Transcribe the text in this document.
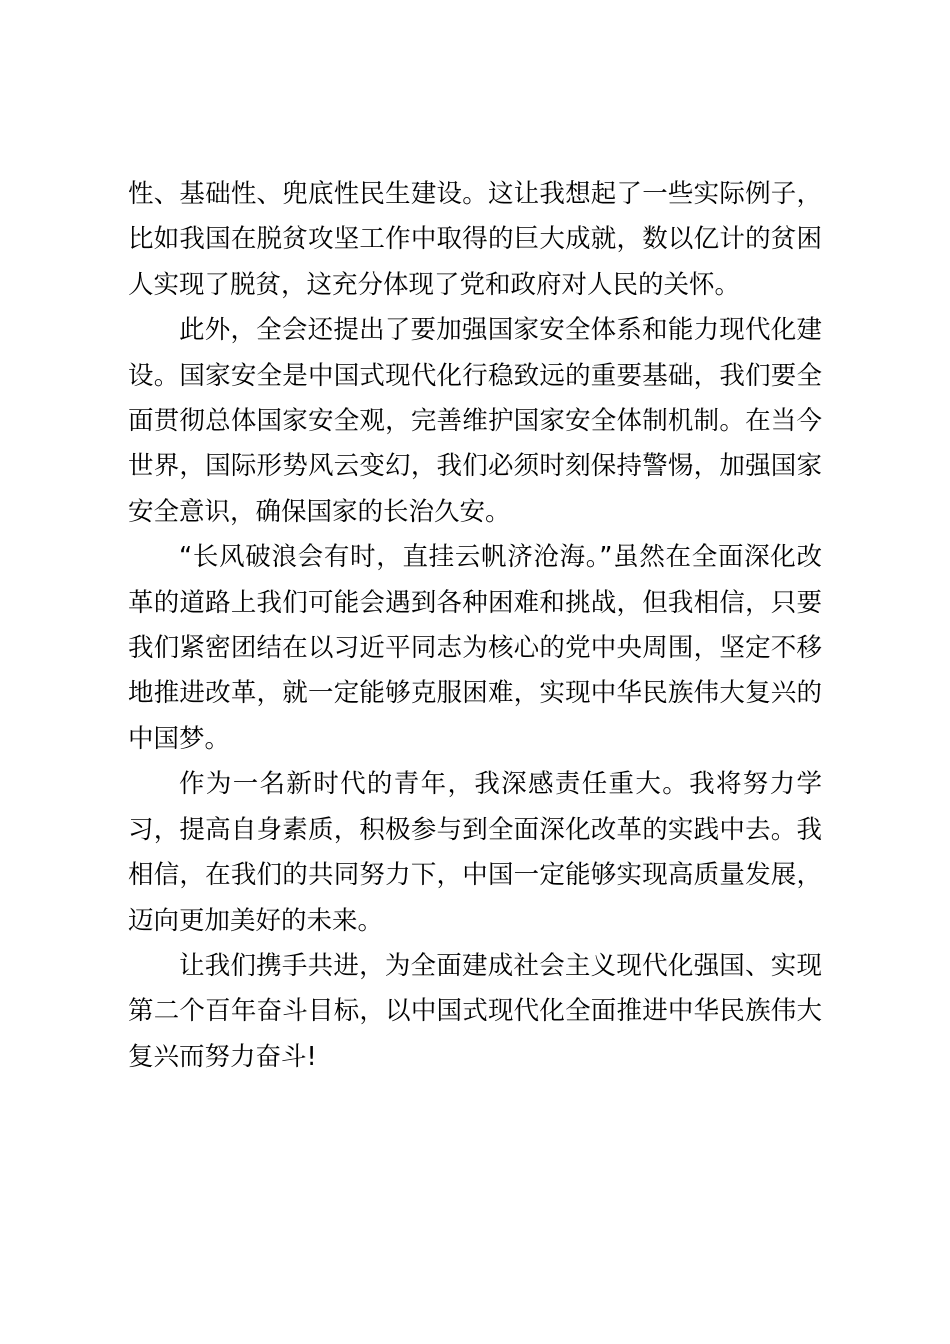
性、基础性、兜底性民生建设。这让我想起了一些实际例子，比如我国在脱贫攻坚工作中取得的巨大成就，数以亿计的贫困人实现了脱贫，这充分体现了党和政府对人民的关怀。

此外，全会还提出了要加强国家安全体系和能力现代化建设。国家安全是中国式现代化行稳致远的重要基础，我们要全面贯彻总体国家安全观，完善维护国家安全体制机制。在当今世界，国际形势风云变幻，我们必须时刻保持警惕，加强国家安全意识，确保国家的长治久安。

“长风破浪会有时，直挂云帆济沧海。”虽然在全面深化改革的道路上我们可能会遇到各种困难和挑战，但我相信，只要我们紧密团结在以习近平同志为核心的党中央周围，坚定不移地推进改革，就一定能够克服困难，实现中华民族伟大复兴的中国梦。

作为一名新时代的青年，我深感责任重大。我将努力学习，提高自身素质，积极参与到全面深化改革的实践中去。我相信，在我们的共同努力下，中国一定能够实现高质量发展，迈向更加美好的未来。

让我们携手共进，为全面建成社会主义现代化强国、实现第二个百年奋斗目标，以中国式现代化全面推进中华民族伟大复兴而努力奋斗!
